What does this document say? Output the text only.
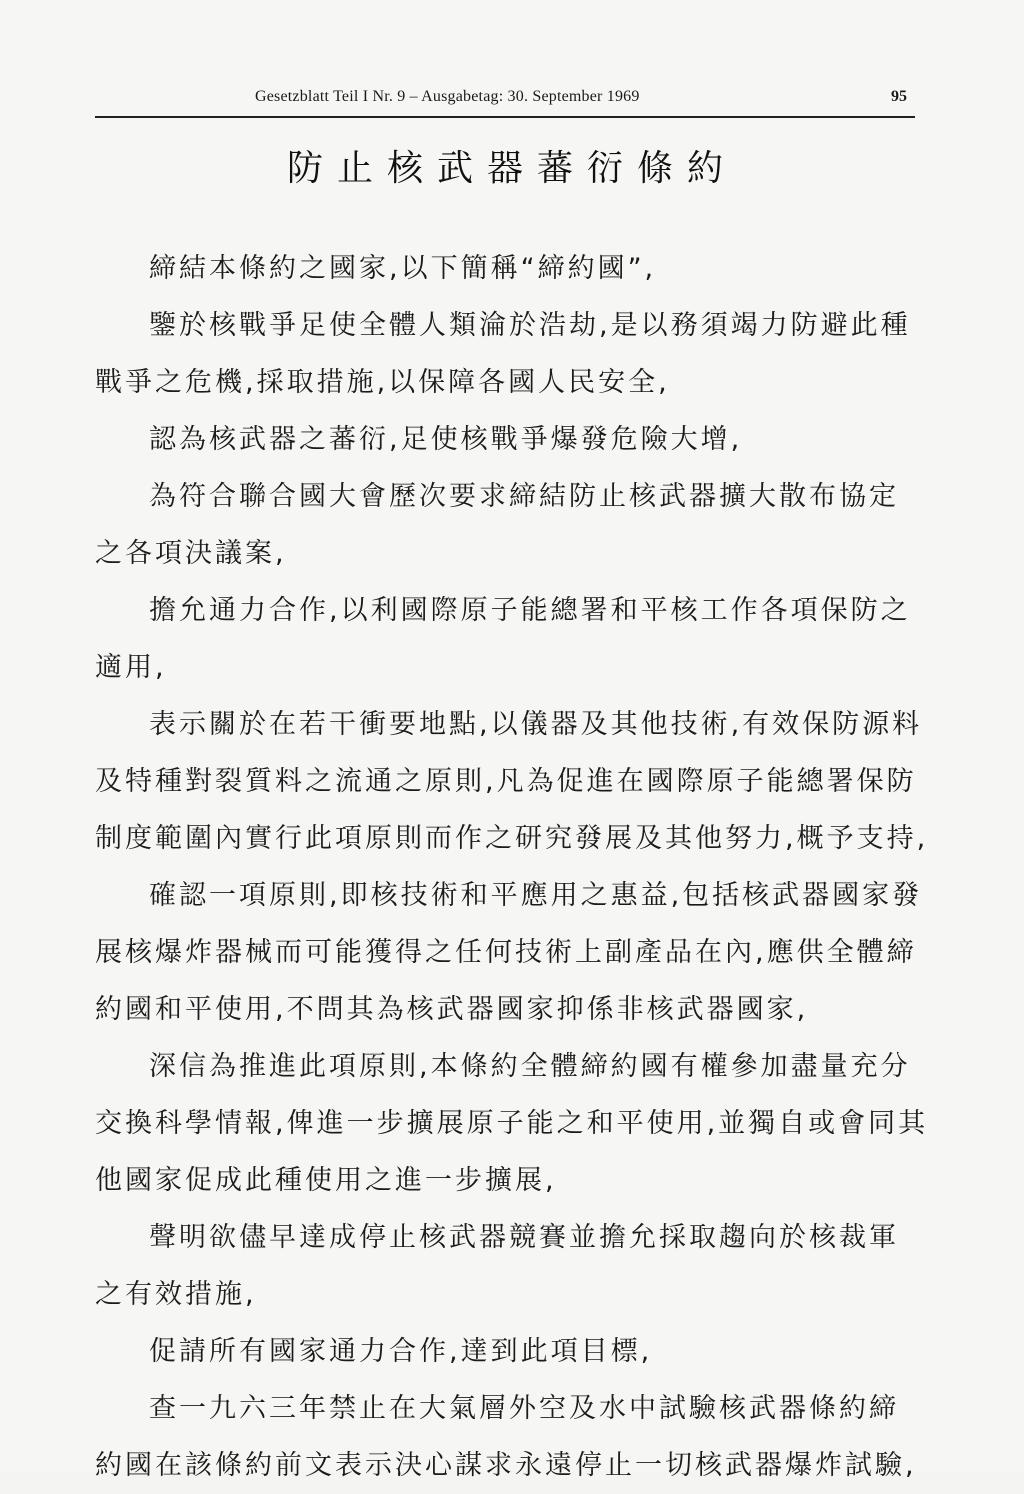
Gesetzblatt Teil I Nr. 9 – Ausgabetag: 30. September 1969	95
防止核武器蕃衍條約
締結本條約之國家,以下簡稱“締約國”,
鑒於核戰爭足使全體人類淪於浩劫,是以務須竭力防避此種
戰爭之危機,採取措施,以保障各國人民安全,
認為核武器之蕃衍,足使核戰爭爆發危險大增,
為符合聯合國大會歷次要求締結防止核武器擴大散布協定
之各項決議案,
擔允通力合作,以利國際原子能總署和平核工作各項保防之
適用,
表示關於在若干衝要地點,以儀器及其他技術,有效保防源料
及特種對裂質料之流通之原則,凡為促進在國際原子能總署保防
制度範圍內實行此項原則而作之研究發展及其他努力,概予支持,
確認一項原則,即核技術和平應用之惠益,包括核武器國家發
展核爆炸器械而可能獲得之任何技術上副產品在內,應供全體締
約國和平使用,不問其為核武器國家抑係非核武器國家,
深信為推進此項原則,本條約全體締約國有權參加盡量充分
交換科學情報,俾進一步擴展原子能之和平使用,並獨自或會同其
他國家促成此種使用之進一步擴展,
聲明欲儘早達成停止核武器競賽並擔允採取趨向於核裁軍
之有效措施,
促請所有國家通力合作,達到此項目標,
查一九六三年禁止在大氣層外空及水中試驗核武器條約締
約國在該條約前文表示決心謀求永遠停止一切核武器爆炸試驗,
